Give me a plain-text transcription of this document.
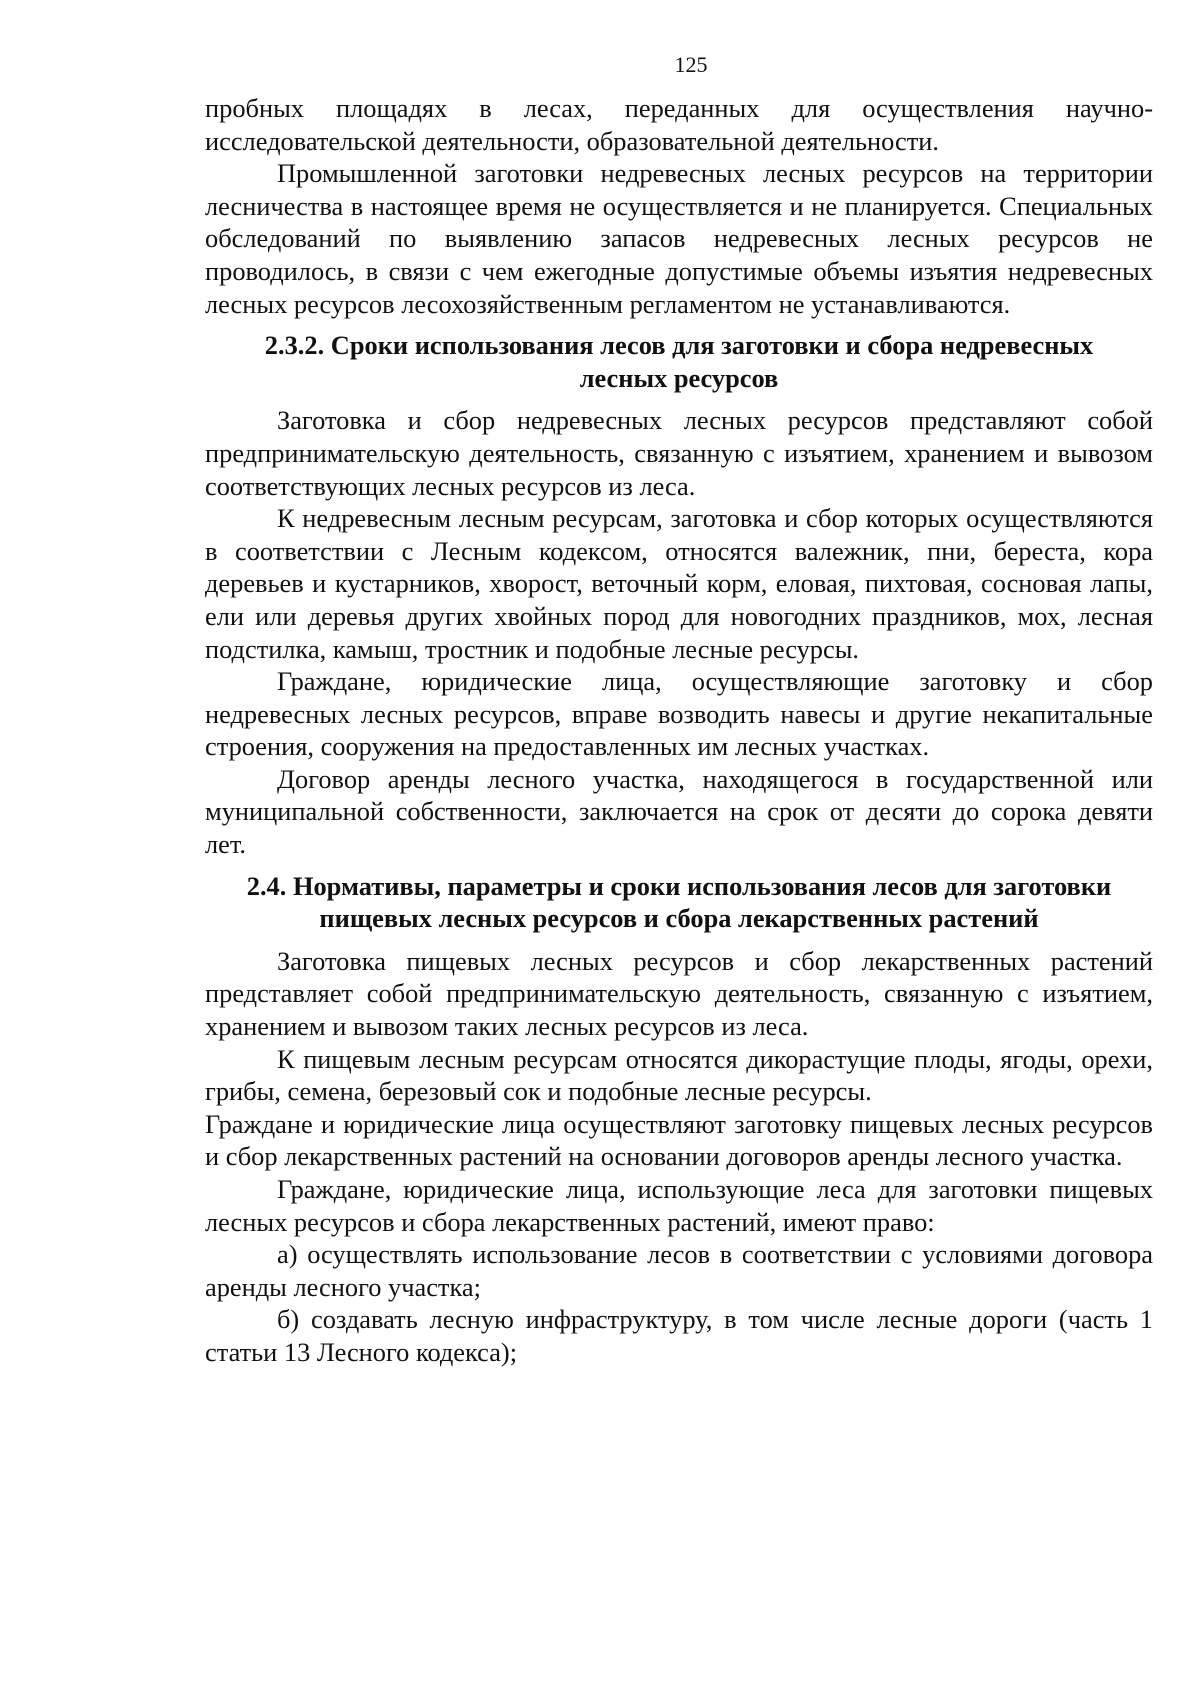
125

пробных площадях в лесах, переданных для осуществления научно-исследовательской деятельности, образовательной деятельности.

Промышленной заготовки недревесных лесных ресурсов на территории лесничества в настоящее время не осуществляется и не планируется. Специальных обследований по выявлению запасов недревесных лесных ресурсов не проводилось, в связи с чем ежегодные допустимые объемы изъятия недревесных лесных ресурсов лесохозяйственным регламентом не устанавливаются.

2.3.2. Сроки использования лесов для заготовки и сбора недревесных
лесных ресурсов

Заготовка и сбор недревесных лесных ресурсов представляют собой предпринимательскую деятельность, связанную с изъятием, хранением и вывозом соответствующих лесных ресурсов из леса.

К недревесным лесным ресурсам, заготовка и сбор которых осуществляются в соответствии с Лесным кодексом, относятся валежник, пни, береста, кора деревьев и кустарников, хворост, веточный корм, еловая, пихтовая, сосновая лапы, ели или деревья других хвойных пород для новогодних праздников, мох, лесная подстилка, камыш, тростник и подобные лесные ресурсы.

Граждане, юридические лица, осуществляющие заготовку и сбор недревесных лесных ресурсов, вправе возводить навесы и другие некапитальные строения, сооружения на предоставленных им лесных участках.

Договор аренды лесного участка, находящегося в государственной или муниципальной собственности, заключается на срок от десяти до сорока девяти лет.

2.4. Нормативы, параметры и сроки использования лесов для заготовки
пищевых лесных ресурсов и сбора лекарственных растений

Заготовка пищевых лесных ресурсов и сбор лекарственных растений представляет собой предпринимательскую деятельность, связанную с изъятием, хранением и вывозом таких лесных ресурсов из леса.

К пищевым лесным ресурсам относятся дикорастущие плоды, ягоды, орехи, грибы, семена, березовый сок и подобные лесные ресурсы.

Граждане и юридические лица осуществляют заготовку пищевых лесных ресурсов и сбор лекарственных растений на основании договоров аренды лесного участка.

Граждане, юридические лица, использующие леса для заготовки пищевых лесных ресурсов и сбора лекарственных растений, имеют право:

а) осуществлять использование лесов в соответствии с условиями договора аренды лесного участка;

б) создавать лесную инфраструктуру, в том числе лесные дороги (часть 1 статьи 13 Лесного кодекса);
